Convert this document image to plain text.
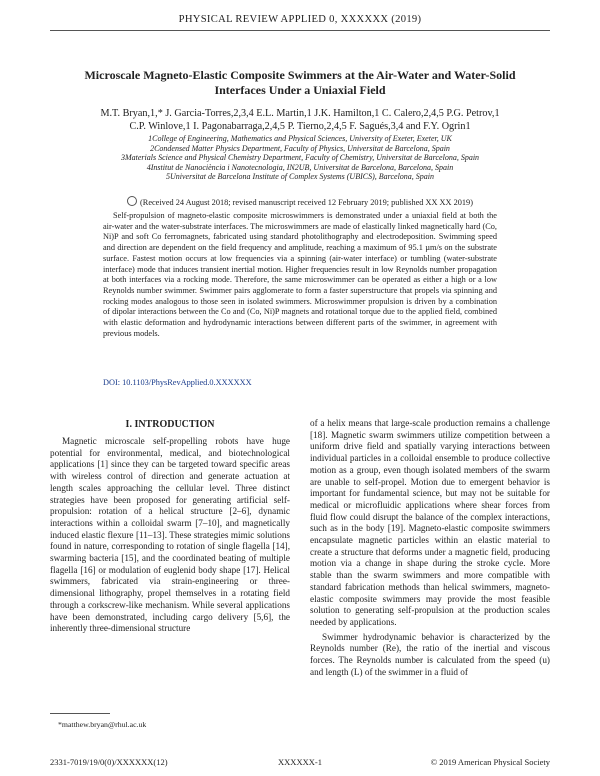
PHYSICAL REVIEW APPLIED 0, XXXXXX (2019)
Microscale Magneto-Elastic Composite Swimmers at the Air-Water and Water-Solid Interfaces Under a Uniaxial Field
M.T. Bryan,1,* J. Garcia-Torres,2,3,4 E.L. Martin,1 J.K. Hamilton,1 C. Calero,2,4,5 P.G. Petrov,1
C.P. Winlove,1 I. Pagonabarraga,2,4,5 P. Tierno,2,4,5 F. Sagués,3,4 and F.Y. Ogrin1
1College of Engineering, Mathematics and Physical Sciences, University of Exeter, Exeter, UK
2Condensed Matter Physics Department, Faculty of Physics, Universitat de Barcelona, Spain
3Materials Science and Physical Chemistry Department, Faculty of Chemistry, Universitat de Barcelona, Spain
4Institut de Nanociència i Nanotecnologia, IN2UB, Universitat de Barcelona, Barcelona, Spain
5Universitat de Barcelona Institute of Complex Systems (UBICS), Barcelona, Spain
(Received 24 August 2018; revised manuscript received 12 February 2019; published XX XX 2019)
Self-propulsion of magneto-elastic composite microswimmers is demonstrated under a uniaxial field at both the air-water and the water-substrate interfaces. The microswimmers are made of elastically linked magnetically hard (Co, Ni)P and soft Co ferromagnets, fabricated using standard photolithography and electrodeposition. Swimming speed and direction are dependent on the field frequency and amplitude, reaching a maximum of 95.1 µm/s on the substrate surface. Fastest motion occurs at low frequencies via a spinning (air-water interface) or tumbling (water-substrate interface) mode that induces transient inertial motion. Higher frequencies result in low Reynolds number propagation at both interfaces via a rocking mode. Therefore, the same microswimmer can be operated as either a high or a low Reynolds number swimmer. Swimmer pairs agglomerate to form a faster superstructure that propels via spinning and rocking modes analogous to those seen in isolated swimmers. Microswimmer propulsion is driven by a combination of dipolar interactions between the Co and (Co, Ni)P magnets and rotational torque due to the applied field, combined with elastic deformation and hydrodynamic interactions between different parts of the swimmer, in agreement with previous models.
DOI: 10.1103/PhysRevApplied.0.XXXXXX
I. INTRODUCTION
Magnetic microscale self-propelling robots have huge potential for environmental, medical, and biotechnological applications [1] since they can be targeted toward specific areas with wireless control of direction and generate actuation at length scales approaching the cellular level. Three distinct strategies have been proposed for generating artificial self-propulsion: rotation of a helical structure [2–6], dynamic interactions within a colloidal swarm [7–10], and magnetically induced elastic flexure [11–13]. These strategies mimic solutions found in nature, corresponding to rotation of single flagella [14], swarming bacteria [15], and the coordinated beating of multiple flagella [16] or modulation of euglenid body shape [17]. Helical swimmers, fabricated via strain-engineering or three-dimensional lithography, propel themselves in a rotating field through a corkscrew-like mechanism. While several applications have been demonstrated, including cargo delivery [5,6], the inherently three-dimensional structure

of a helix means that large-scale production remains a challenge [18]. Magnetic swarm swimmers utilize competition between a uniform drive field and spatially varying interactions between individual particles in a colloidal ensemble to produce collective motion as a group, even though isolated members of the swarm are unable to self-propel. Motion due to emergent behavior is important for fundamental science, but may not be suitable for medical or microfluidic applications where shear forces from fluid flow could disrupt the balance of the complex interactions, such as in the body [19]. Magneto-elastic composite swimmers encapsulate magnetic particles within an elastic material to create a structure that deforms under a magnetic field, producing motion via a change in shape during the stroke cycle. More stable than the swarm swimmers and more compatible with standard fabrication methods than helical swimmers, magneto-elastic composite swimmers may provide the most feasible solution to generating self-propulsion at the production scales needed by applications.

Swimmer hydrodynamic behavior is characterized by the Reynolds number (Re), the ratio of the inertial and viscous forces. The Reynolds number is calculated from the speed (u) and length (L) of the swimmer in a fluid of

*matthew.bryan@rhul.ac.uk
2331-7019/19/0(0)/XXXXXX(12)	XXXXXX-1	© 2019 American Physical Society
